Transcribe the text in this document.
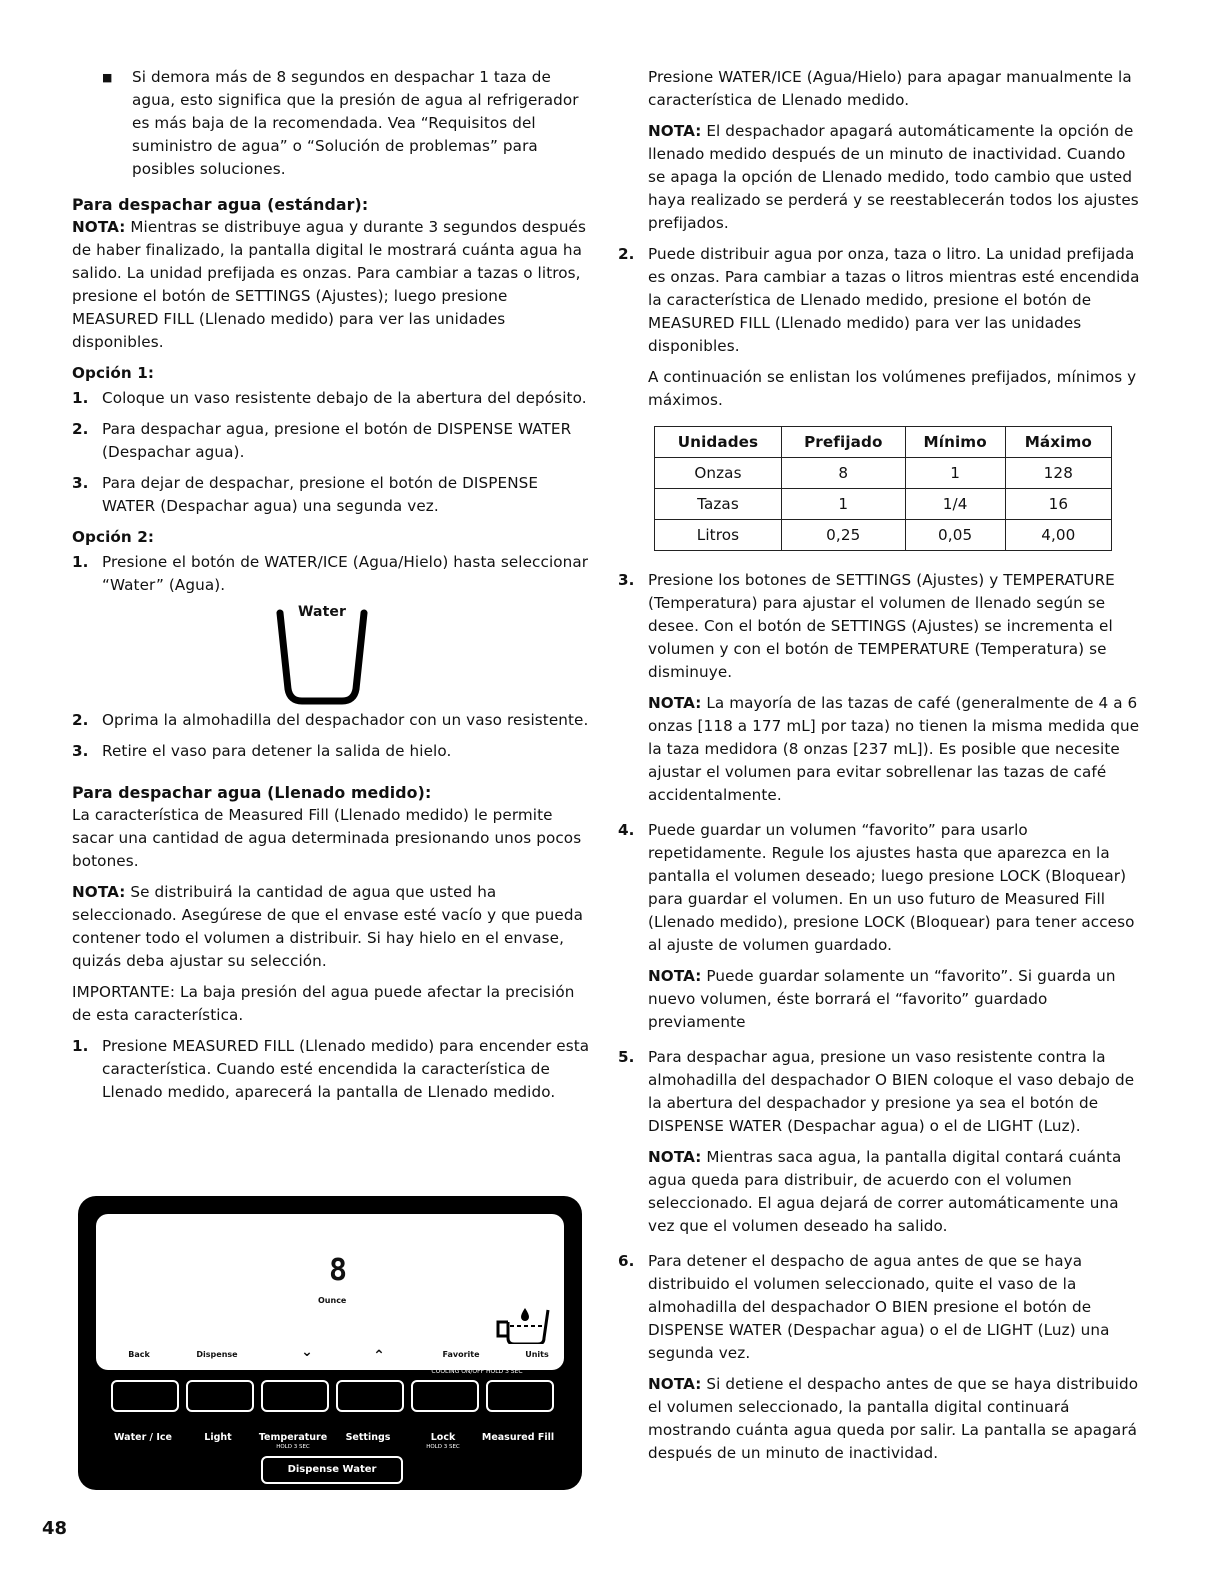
■	Si demora más de 8 segundos en despachar 1 taza de agua, esto significa que la presión de agua al refrigerador es más baja de la recomendada. Vea “Requisitos del suministro de agua” o “Solución de problemas” para posibles soluciones.

Para despachar agua (estándar):

NOTA: Mientras se distribuye agua y durante 3 segundos después de haber finalizado, la pantalla digital le mostrará cuánta agua ha salido. La unidad prefijada es onzas. Para cambiar a tazas o litros, presione el botón de SETTINGS (Ajustes); luego presione MEASURED FILL (Llenado medido) para ver las unidades disponibles.

Opción 1:

1. Coloque un vaso resistente debajo de la abertura del depósito.
2. Para despachar agua, presione el botón de DISPENSE WATER (Despachar agua).
3. Para dejar de despachar, presione el botón de DISPENSE WATER (Despachar agua) una segunda vez.

Opción 2:

1. Presione el botón de WATER/ICE (Agua/Hielo) hasta seleccionar “Water” (Agua).
Water
2. Oprima la almohadilla del despachador con un vaso resistente.
3. Retire el vaso para detener la salida de hielo.

Para despachar agua (Llenado medido):

La característica de Measured Fill (Llenado medido) le permite sacar una cantidad de agua determinada presionando unos pocos botones.

NOTA: Se distribuirá la cantidad de agua que usted ha seleccionado. Asegúrese de que el envase esté vacío y que pueda contener todo el volumen a distribuir. Si hay hielo en el envase, quizás deba ajustar su selección.

IMPORTANTE: La baja presión del agua puede afectar la precisión de esta característica.

1. Presione MEASURED FILL (Llenado medido) para encender esta característica. Cuando esté encendida la característica de Llenado medido, aparecerá la pantalla de Llenado medido.
8
Ounce
Back	Dispense	⌄	⌃	Favorite	Units
COOLING ON/OFF HOLD 3 SEC
Water / Ice	Light	Temperature
HOLD 3 SEC
Settings	Lock
HOLD 3 SEC
Measured Fill
Dispense Water

Presione WATER/ICE (Agua/Hielo) para apagar manualmente la característica de Llenado medido.

NOTA: El despachador apagará automáticamente la opción de llenado medido después de un minuto de inactividad. Cuando se apaga la opción de Llenado medido, todo cambio que usted haya realizado se perderá y se reestablecerán todos los ajustes prefijados.

2. Puede distribuir agua por onza, taza o litro. La unidad prefijada es onzas. Para cambiar a tazas o litros mientras esté encendida la característica de Llenado medido, presione el botón de MEASURED FILL (Llenado medido) para ver las unidades disponibles.

A continuación se enlistan los volúmenes prefijados, mínimos y máximos.

Unidades	Prefijado	Mínimo	Máximo
Onzas	8	1	128
Tazas	1	1/4	16
Litros	0,25	0,05	4,00
3. Presione los botones de SETTINGS (Ajustes) y TEMPERATURE (Temperatura) para ajustar el volumen de llenado según se desee. Con el botón de SETTINGS (Ajustes) se incrementa el volumen y con el botón de TEMPERATURE (Temperatura) se disminuye.

NOTA: La mayoría de las tazas de café (generalmente de 4 a 6 onzas [118 a 177 mL] por taza) no tienen la misma medida que la taza medidora (8 onzas [237 mL]). Es posible que necesite ajustar el volumen para evitar sobrellenar las tazas de café accidentalmente.

4. Puede guardar un volumen “favorito” para usarlo repetidamente. Regule los ajustes hasta que aparezca en la pantalla el volumen deseado; luego presione LOCK (Bloquear) para guardar el volumen. En un uso futuro de Measured Fill (Llenado medido), presione LOCK (Bloquear) para tener acceso al ajuste de volumen guardado.

NOTA: Puede guardar solamente un “favorito”. Si guarda un nuevo volumen, éste borrará el “favorito” guardado previamente

5. Para despachar agua, presione un vaso resistente contra la almohadilla del despachador O BIEN coloque el vaso debajo de la abertura del despachador y presione ya sea el botón de DISPENSE WATER (Despachar agua) o el de LIGHT (Luz).

NOTA: Mientras saca agua, la pantalla digital contará cuánta agua queda para distribuir, de acuerdo con el volumen seleccionado. El agua dejará de correr automáticamente una vez que el volumen deseado ha salido.

6. Para detener el despacho de agua antes de que se haya distribuido el volumen seleccionado, quite el vaso de la almohadilla del despachador O BIEN presione el botón de DISPENSE WATER (Despachar agua) o el de LIGHT (Luz) una segunda vez.

NOTA: Si detiene el despacho antes de que se haya distribuido el volumen seleccionado, la pantalla digital continuará mostrando cuánta agua queda por salir. La pantalla se apagará después de un minuto de inactividad.

48
